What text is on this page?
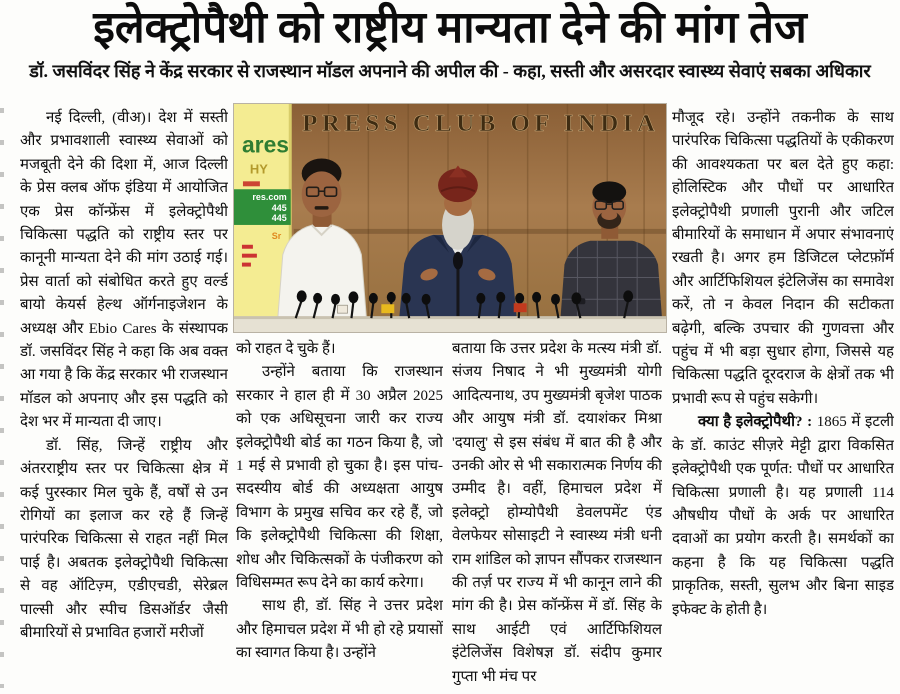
इलेक्ट्रोपैथी को राष्ट्रीय मान्यता देने की मांग तेज
डॉ. जसविंदर सिंह ने केंद्र सरकार से राजस्थान मॉडल अपनाने की अपील की - कहा, सस्ती और असरदार स्वास्थ्य सेवाएं सबका अधिकार
PRESS CLUB OF INDIA
ares
HY
res.com
445
445
Sr

नई दिल्ली, (वीअ)। देश में सस्ती और प्रभावशाली स्वास्थ्य सेवाओं को मजबूती देने की दिशा में, आज दिल्ली के प्रेस क्लब ऑफ इंडिया में आयोजित एक प्रेस कॉन्फ्रेंस में इलेक्ट्रोपैथी चिकित्सा पद्धति को राष्ट्रीय स्तर पर कानूनी मान्यता देने की मांग उठाई गई। प्रेस वार्ता को संबोधित करते हुए वर्ल्ड बायो केयर्स हेल्थ ऑर्गनाइजेशन के अध्यक्ष और Ebio Cares के संस्थापक डॉ. जसविंदर सिंह ने कहा कि अब वक्त आ गया है कि केंद्र सरकार भी राजस्थान मॉडल को अपनाए और इस पद्धति को देश भर में मान्यता दी जाए।

डॉ. सिंह, जिन्हें राष्ट्रीय और अंतरराष्ट्रीय स्तर पर चिकित्सा क्षेत्र में कई पुरस्कार मिल चुके हैं, वर्षों से उन रोगियों का इलाज कर रहे हैं जिन्हें पारंपरिक चिकित्सा से राहत नहीं मिल पाई है। अबतक इलेक्ट्रोपैथी चिकित्सा से वह ऑटिज़्म, एडीएचडी, सेरेब्रल पाल्सी और स्पीच डिसऑर्डर जैसी बीमारियों से प्रभावित हजारों मरीजों

को राहत दे चुके हैं।

उन्होंने बताया कि राजस्थान सरकार ने हाल ही में 30 अप्रैल 2025 को एक अधिसूचना जारी कर राज्य इलेक्ट्रोपैथी बोर्ड का गठन किया है, जो 1 मई से प्रभावी हो चुका है। इस पांच-सदस्यीय बोर्ड की अध्यक्षता आयुष विभाग के प्रमुख सचिव कर रहे हैं, जो कि इलेक्ट्रोपैथी चिकित्सा की शिक्षा, शोध और चिकित्सकों के पंजीकरण को विधिसम्मत रूप देने का कार्य करेगा।

साथ ही, डॉ. सिंह ने उत्तर प्रदेश और हिमाचल प्रदेश में भी हो रहे प्रयासों का स्वागत किया है। उन्होंने

बताया कि उत्तर प्रदेश के मत्स्य मंत्री डॉ. संजय निषाद ने भी मुख्यमंत्री योगी आदित्यनाथ, उप मुख्यमंत्री बृजेश पाठक और आयुष मंत्री डॉ. दयाशंकर मिश्रा 'दयालु' से इस संबंध में बात की है और उनकी ओर से भी सकारात्मक निर्णय की उम्मीद है। वहीं, हिमाचल प्रदेश में इलेक्ट्रो होम्योपैथी डेवलपमेंट एंड वेलफेयर सोसाइटी ने स्वास्थ्य मंत्री धनी राम शांडिल को ज्ञापन सौंपकर राजस्थान की तर्ज़ पर राज्य में भी कानून लाने की मांग की है। प्रेस कॉन्फ्रेंस में डॉ. सिंह के साथ आईटी एवं आर्टिफिशियल इंटेलिजेंस विशेषज्ञ डॉ. संदीप कुमार गुप्ता भी मंच पर

मौजूद रहे। उन्होंने तकनीक के साथ पारंपरिक चिकित्सा पद्धतियों के एकीकरण की आवश्यकता पर बल देते हुए कहा: होलिस्टिक और पौधों पर आधारित इलेक्ट्रोपैथी प्रणाली पुरानी और जटिल बीमारियों के समाधान में अपार संभावनाएं रखती है। अगर हम डिजिटल प्लेटफ़ॉर्म और आर्टिफिशियल इंटेलिजेंस का समावेश करें, तो न केवल निदान की सटीकता बढ़ेगी, बल्कि उपचार की गुणवत्ता और पहुंच में भी बड़ा सुधार होगा, जिससे यह चिकित्सा पद्धति दूरदराज के क्षेत्रों तक भी प्रभावी रूप से पहुंच सकेगी।

क्या है इलेक्ट्रोपैथी? : 1865 में इटली के डॉ. काउंट सीज़रे मेट्टी द्वारा विकसित इलेक्ट्रोपैथी एक पूर्णत: पौधों पर आधारित चिकित्सा प्रणाली है। यह प्रणाली 114 औषधीय पौधों के अर्क पर आधारित दवाओं का प्रयोग करती है। समर्थकों का कहना है कि यह चिकित्सा पद्धति प्राकृतिक, सस्ती, सुलभ और बिना साइड इफेक्ट के होती है।
